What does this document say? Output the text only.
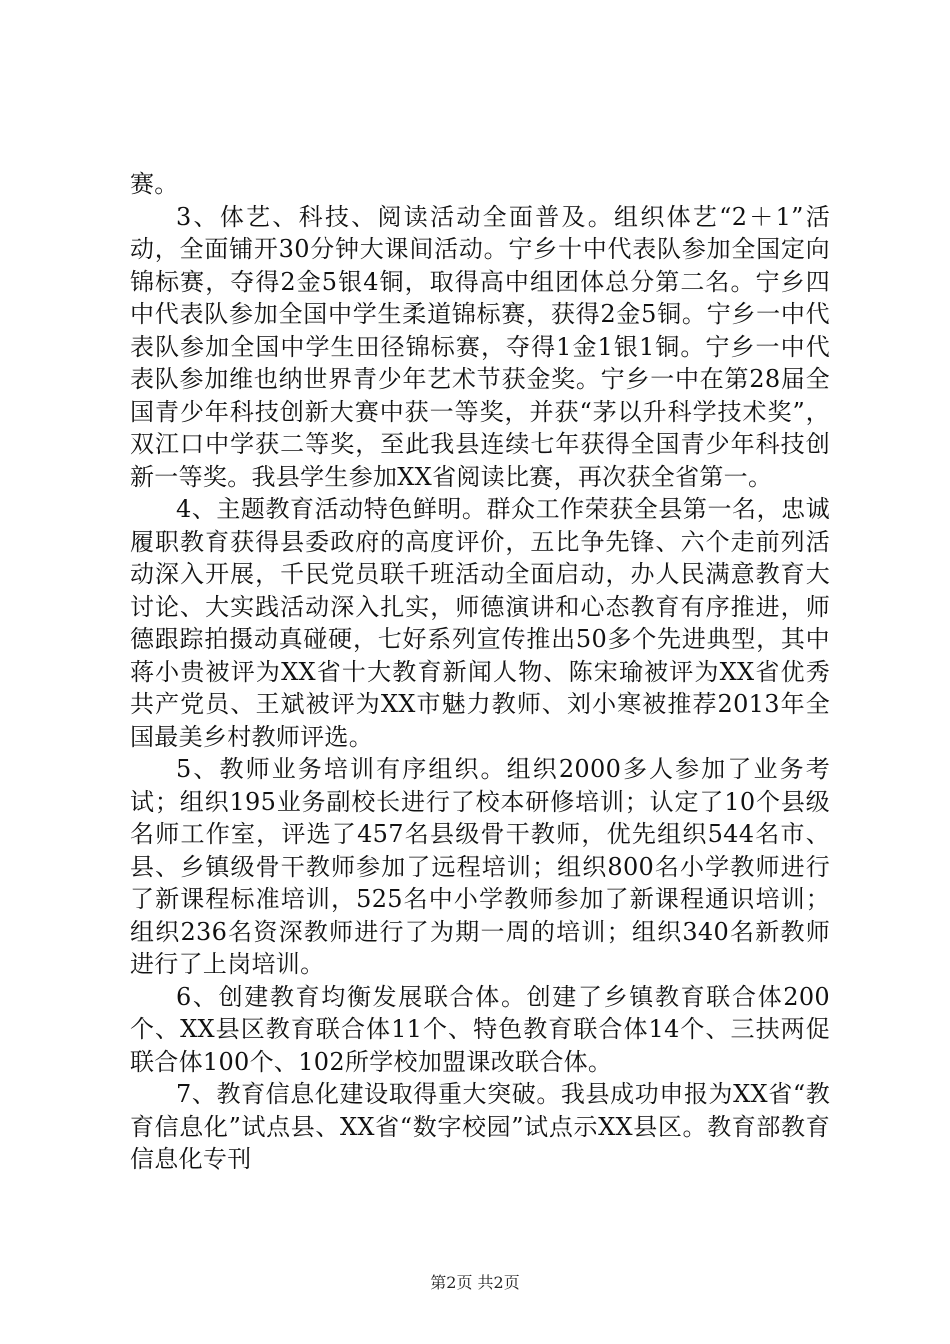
赛。

3、体艺、科技、阅读活动全面普及。组织体艺“2＋1”活动，全面铺开30分钟大课间活动。宁乡十中代表队参加全国定向锦标赛，夺得2金5银4铜，取得高中组团体总分第二名。宁乡四中代表队参加全国中学生柔道锦标赛，获得2金5铜。宁乡一中代表队参加全国中学生田径锦标赛，夺得1金1银1铜。宁乡一中代表队参加维也纳世界青少年艺术节获金奖。宁乡一中在第28届全国青少年科技创新大赛中获一等奖，并获“茅以升科学技术奖”，双江口中学获二等奖，至此我县连续七年获得全国青少年科技创新一等奖。我县学生参加XX省阅读比赛，再次获全省第一。

4、主题教育活动特色鲜明。群众工作荣获全县第一名，忠诚履职教育获得县委政府的高度评价，五比争先锋、六个走前列活动深入开展，千民党员联千班活动全面启动，办人民满意教育大讨论、大实践活动深入扎实，师德演讲和心态教育有序推进，师德跟踪拍摄动真碰硬，七好系列宣传推出50多个先进典型，其中蒋小贵被评为XX省十大教育新闻人物、陈宋瑜被评为XX省优秀共产党员、王斌被评为XX市魅力教师、刘小寒被推荐2013年全国最美乡村教师评选。

5、教师业务培训有序组织。组织2000多人参加了业务考试；组织195业务副校长进行了校本研修培训；认定了10个县级名师工作室，评选了457名县级骨干教师，优先组织544名市、县、乡镇级骨干教师参加了远程培训；组织800名小学教师进行了新课程标准培训，525名中小学教师参加了新课程通识培训；组织236名资深教师进行了为期一周的培训；组织340名新教师进行了上岗培训。

6、创建教育均衡发展联合体。创建了乡镇教育联合体200个、XX县区教育联合体11个、特色教育联合体14个、三扶两促联合体100个、102所学校加盟课改联合体。

7、教育信息化建设取得重大突破。我县成功申报为XX省“教育信息化”试点县、XX省“数字校园”试点示XX县区。教育部教育信息化专刊

第2页 共2页
